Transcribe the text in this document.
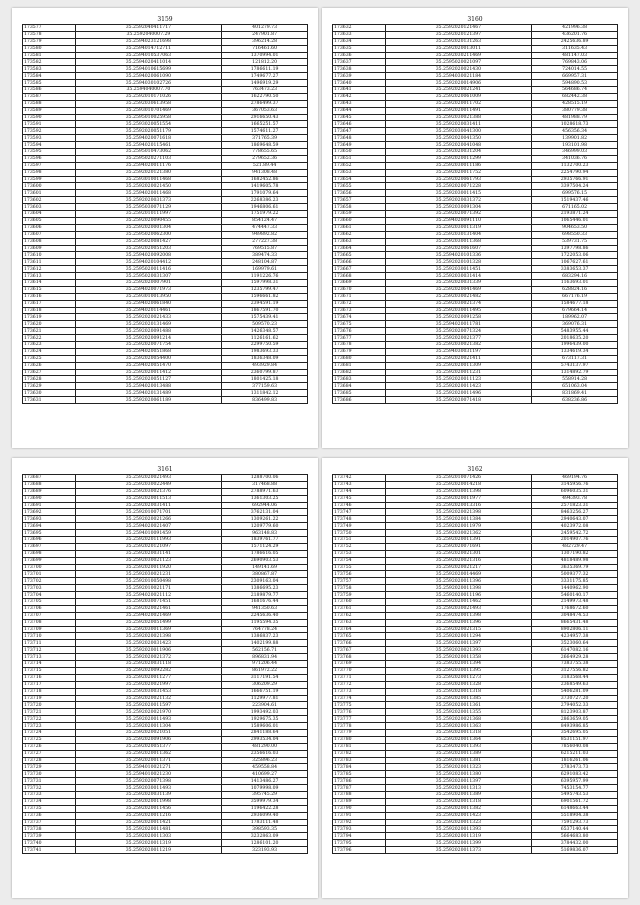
3159
173577	35.2592040411717	401279.73
173578	35.2592040007.29	247901.87
173579	35.2594023121698	396214.28
173580	35.2594014712711	716461.60
173581	35.2594010537063	1370994.01
173582	35.2594020411014	121812.20
173583	35.2594010615699	1786611.19
173584	35.2594020061090	1749677.27
173585	35.2594030102726	1496919.29
173586	35.2594040007.70	763473.23
173587	35.2592010171026	1622790.50
173588	35.2592030613958	2786499.37
173589	35.2593010701469	367053.63
173590	35.2595010025958	2916650.43
173591	35.2593020051554	1665251.57
173592	35.2592020051179	1574611.27
173593	35.2594020071618	371765.39
173594	35.2594020115461	1869648.59
173595	35.2595010473062	778655.65
173596	35.2595020271103	279652.36
173597	35.2594020011176	521.89.44
173598	35.2592020121380	941308.48
173599	35.2593010011468	1682452.86
173600	35.2592020021450	1419605.78
173601	35.2594020011468	1791079.64
173602	35.2592020031373	2268386.23
173603	35.2595030071129	1946806.61
173604	35.2592010111997	1751979.22
173605	35.2592020090455	854124.47
173606	35.2592020001304	474447.33
173607	35.2595020062300	949892.82
173608	35.2595020081427	277227.38
173609	35.2592020051203	769515.87
173610	35.2594020092008	389474.33
173611	35.2594020104412	248104.87
173612	35.2595020011416	169979.61
173613	35.2595020031307	1191226.76
173614	35.2592020007901	1597998.31
173615	35.2594020071973	1235799.47
173616	35.2593010013950	1596661.82
173617	35.2594020061840	2394591.19
173618	35.2594020114461	1867591.70
173619	35.2592020021433	1575439.41
173620	35.2592020131469	509570.23
173621	35.2592020091488	1426348.57
173622	35.2592020091214	1126161.62
173623	35.2592020071754	2299750.59
173624	35.2594020051868	1983693.33
173625	35.2592020054400	1836348.09
173626	35.2594020051470	493929.84
173627	35.2592020011412	2360799.87
173628	35.2592020051127	1801425.18
173629	35.2594020013488	377159.63
173630	35.2594020131489	1311842.12
173631	35.2592020061189	836499.83
3160
173632	35.2592020121467	421996.38
173633	35.2592020121397	436201.76
173634	35.2592020131263	2425636.89
173635	35.2592020013011	311635.43
173636	35.2592030211469	481147.03
173637	35.2595020021097	769843.06
173638	35.2592020021430	724014.55
173639	35.2594030021184	669957.31
173640	35.2592020014906	594890.53
173641	35.2592020021241	564686.74
173642	35.2592020061009	682442.38
173643	35.2592020011702	428515.19
173644	35.2592020011491	380779.38
173645	35.2592030021388	481988.79
173646	35.2592020031411	1028618.73
173647	35.2592030041300	456356.34
173648	35.2592020041350	139901.82
173649	35.2592020041048	193101.98
173650	35.2592020031204	346999.03
173651	35.2592020011299	341036.76
173652	35.2592030011186	1132700.23
173653	35.2592020011752	2254790.94
173654	35.2592020061793	2935766.91
173655	35.2592020071228	3397504.24
173656	35.2592030011415	699576.15
173657	35.2592020031372	1519437.46
173658	35.2592030091304	671165.02
173659	35.2592020071392	2193871.24
173660	35.2594020091110	1065446.01
173661	35.2592030011319	904653.50
173662	35.2592030131404	698550.33
173663	35.2592030011368	539731.75
173664	35.2592020061607	1397798.86
173665	35.2594020101336	1722053.06
173666	35.2592020101328	1067627.61
173667	35.2592030011451	3383653.37
173668	35.2592030031414	683294.16
173669	35.2592020031339	1163693.01
173670	35.2592020041469	628824.16
173671	35.2592030021482	667176.19
173672	35.2592030021374	1584677.18
173673	35.2592030011495	679664.14
173674	35.2592020091258	189962.07
173675	35.2594020011781	369076.31
173676	35.2592020071324	5483955.44
173677	35.2592020021377	2018635.20
173678	35.2592030021382	1996439.00
173679	35.2594030031197	1334619.34
173680	35.2592020021411	673117.31
173681	35.2592020011309	5743137.97
173682	35.2592020011231	1314892.79
173683	35.2592020011123	558914.28
173684	35.2592020011423	651063.04
173685	35.2592020011496	831869.41
173686	35.2592020071418	638236.86
3161
173687	35.2592020021493	1288700.06
173688	35.2592030022449	317468.88
173689	35.2592030021376	2788971.63
173690	35.2592020011513	1361303.25
173691	35.2592020031411	692944.06
173692	35.2592010071701	3762131.04
173693	35.2592020021266	1309261.22
173694	35.2594020021407	1209779.60
173695	35.2594010091459	963148.83
173696	35.2592020111993	1839761.77
173697	35.2592020121097	1571124.29
173698	35.2592020031141	1786616.05
173699	35.2592030021123	2690903.53
173700	35.2592020011920	149141.69
173701	35.2592030021231	380867.87
173702	35.2592010050498	2309163.04
173703	35.2592010021171	1386695.23
173704	35.2594020021112	2189879.77
173705	35.2592030071451	1681676.44
173706	35.2592020021461	941350.63
173707	35.2594020021469	2245636.40
173708	35.2592020051499	1195594.35
173709	35.2592030011369	764778.24
173710	35.2592020021398	1386837.23
173711	35.2592020031423	1402199.88
173712	35.2592020011906	562156.71
173713	35.2592020021372	896831.94
173714	35.2592020031118	971206.44
173715	35.2592020092282	861972.22
173716	35.2592020011277	3117191.54
173717	35.2592020021997	306209.29
173718	35.2592030031453	1666751.19
173719	35.2592020021132	1129977.81
173720	35.2592020011597	223904.61
173721	35.2592020021970	1993492.03
173722	35.2592020011493	1929675.35
173723	35.2592020011304	1589606.01
173724	35.2592020021051	2841188.64
173725	35.2592020091906	2993534.04
173726	35.2592020051377	481290.00
173727	35.2592020011362	2356616.03
173728	35.2592020011371	325896.23
173729	35.2594010021271	459558.84
173730	35.2594010021230	410699.27
173731	35.2592020071398	1413486.27
173732	35.2592030011493	1079998.09
173733	35.2592020031139	395745.29
173734	35.2592020011998	3599979.34
173735	35.2592020011456	1196422.28
173736	35.2592020011216	2936099.40
173737	35.2592020011421	1783111.48
173738	35.2592020011481	398593.35
173739	35.2592020011303	3232863.09
173740	35.2592020011319	1286101.20
173741	35.2592020011219	323193.93
3162
173742	35.2592010071426	469194.76
173743	35.2592020014218	3145956.76
173744	35.2592030011398	6096035.31
173745	35.2592020011977	494393.78
173746	35.2592020013316	2571823.31
173747	35.2592020021398	8463256.27
173748	35.2592020011384	2940643.07
173749	35.2592020011979	4023972.08
173750	35.2592030021362	2459542.72
173751	35.2592020011391	2014907.76
173752	35.2592020071691	482729.47
173753	35.2592020021301	1307190.82
173754	35.2592020021316	4818489.98
173755	35.2592020021217	3635369.79
173756	35.2592020014469	5009377.32
173757	35.2592020011396	3331175.85
173758	35.2592020011398	1440962.90
173759	35.2592020011196	5460140.17
173760	35.2592020011462	2149973.48
173761	35.2592030021493	1768672.60
173762	35.2592020011398	3048474.53
173763	35.2592020011396	8665431.48
173764	35.2592020021315	8902806.11
173765	35.2592020011294	4234957.38
173766	35.2592020011397	3523060.64
173767	35.2592020021393	6147082.16
173768	35.2592020011358	2664929.28
173769	35.2592020011394	7383755.38
173770	35.2592030011395	3127556.82
173771	35.2592020011273	3183568.44
173772	35.2592020011328	2368549.63
173773	35.2592020011318	5406281.09
173774	35.2592020011385	3730727.20
173775	35.2592020011361	2794052.33
173776	35.2592020011355	8123903.87
173777	35.2592020021368	2863659.05
173778	35.2592020011363	8493986.85
173779	35.2592020011318	3542695.05
173780	35.2592020011364	8531151.97
173781	35.2592020011393	7856040.08
173782	35.2592020011389	6215211.03
173783	35.2592030011381	1816261.06
173784	35.2592020011323	2783473.73
173785	35.2592020011380	6291083.42
173786	35.2592020011397	6395957.99
173787	35.2592020011313	7453154.77
173788	35.2592020011389	5495743.53
173789	35.2592020011318	6901561.72
173790	35.2592020011382	6148663.44
173791	35.2592020011423	5518904.38
173792	35.2592020011323	7591293.73
173793	35.2592020011393	6537140.44
173794	35.2592020011319	5664683.80
173795	35.2592020011399	3784432.00
173796	35.2592020011373	5169836.07
